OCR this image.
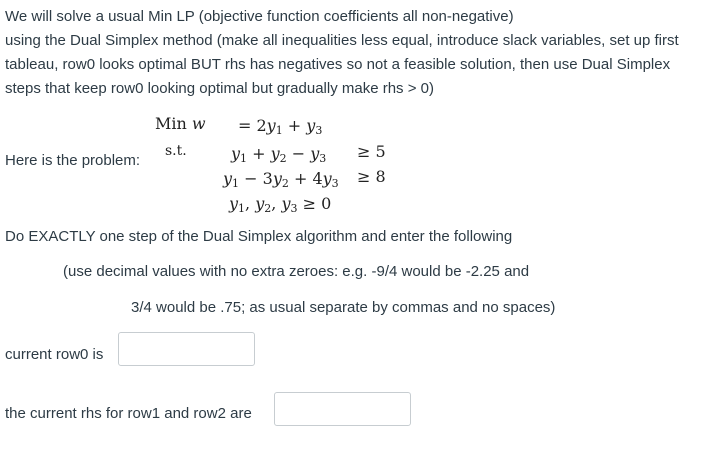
We will solve a usual Min LP (objective function coefficients all non-negative)
using the Dual Simplex method (make all inequalities less equal, introduce slack variables, set up first
tableau, row0 looks optimal BUT rhs has negatives so not a feasible solution, then use Dual Simplex
steps that keep row0 looking optimal but gradually make rhs > 0)
Here is the problem:
Min $w = 2y_1 + y_3$
s.t.	$y_1 + y_2 - y_3 \ge 5$
$y_1 - 3y_2 + 4y_3 \ge 8$
$y_1$, $y_2$, $y_3 \ge 0$
Do EXACTLY one step of the Dual Simplex algorithm and enter the following
(use decimal values with no extra zeroes: e.g. -9/4 would be -2.25 and
3/4 would be .75; as usual separate by commas and no spaces)
current row0 is
the current rhs for row1 and row2 are
